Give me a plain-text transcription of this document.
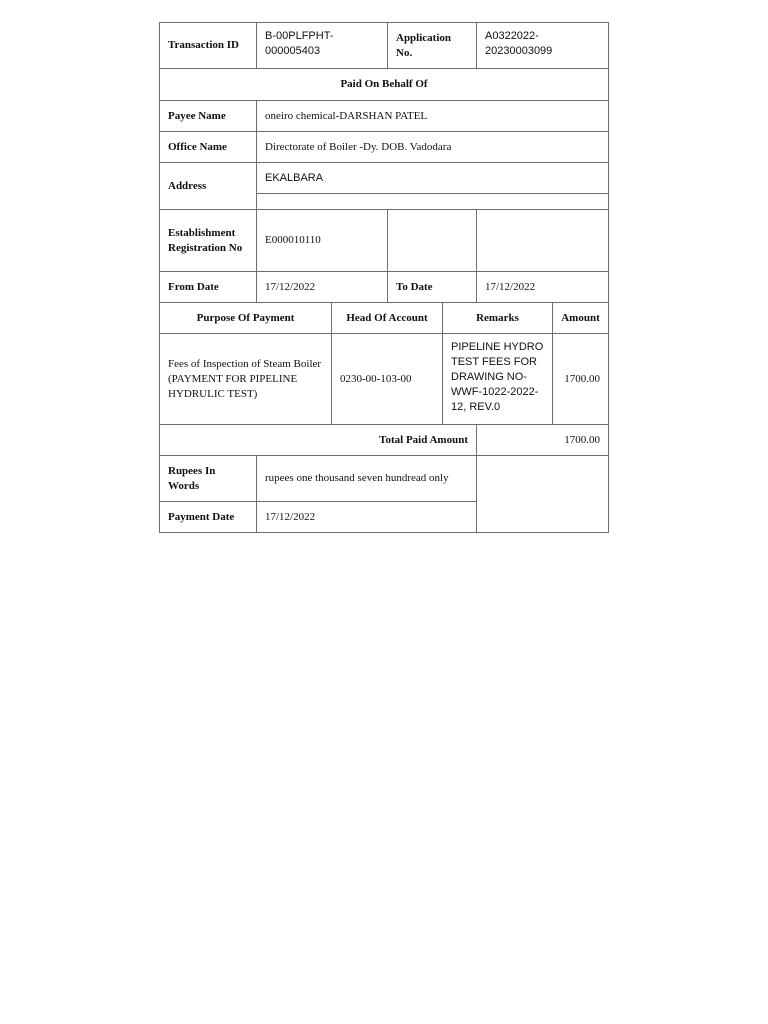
Transaction ID	B-00PLFPHT-000005403		Application No.		A0322022-20230003099	
Paid On Behalf Of						
Payee Name	oneiro chemical-DARSHAN PATEL					
Office Name	Directorate of Boiler -Dy. DOB. Vadodara					
Address	EKALBARA					

Establishment Registration No	E000010110					
From Date	17/12/2022		To Date		17/12/2022	
Purpose Of Payment		Head Of Account		Remarks		Amount
Fees of Inspection of Steam Boiler (PAYMENT FOR PIPELINE HYDRULIC TEST)		0230-00-103-00		PIPELINE HYDRO TEST FEES FOR DRAWING NO-WWF-1022-2022-12, REV.0		1700.00
Total Paid Amount					1700.00	
Rupees In Words	rupees one thousand seven hundread only					
Payment Date	17/12/2022					
